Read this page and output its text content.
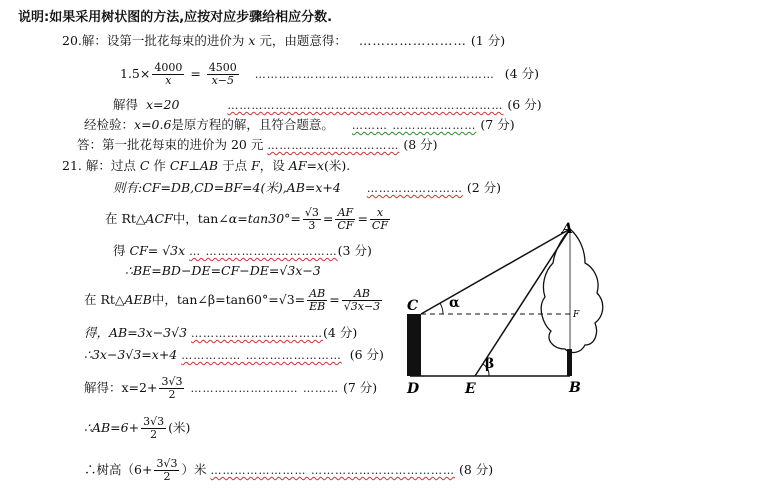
说明:如果采用树状图的方法,应按对应步骤给相应分数.
20.解：设第一批花每束的进价为 x 元，由题意得： …………………… (1 分)
$1.5\times \frac{4000}{x} = \frac{4500}{x-5}$ …………………………………………………… (4 分)
解得 x=20	…………………………………………………………… (6 分)
经检验：x=0.6是原方程的解，且符合题意。 ……… ………………… (7 分)
答：第一批花每束的进价为 20 元 …………………………… (8 分)
21. 解：过点 C 作 CF⊥AB 于点 F，设 AF=x(米).
则有:CF=DB,CD=BF=4(米),AB=x+4 …………………… (2 分)
在 Rt△ACF中，tan∠α=tan30°= $\frac{√3}{3} = \frac{AF}{CF} = \frac{x}{CF}$
得 CF= √3x … ……………………………(3 分)
∴BE=BD−DE=CF−DE=√3x−3
在 Rt△AEB中，tan∠β=tan60°=√3= $\frac{AB}{EB} = \frac{AB}{√3x-3}$
得，AB=3x−3√3 ……………………………(4 分)
∴3x−3√3=x+4 …………… …………………… (6 分)
解得：$x=2+ \frac{3√3}{2}$ ……………………… ……… (7 分)
∴AB=6+ $\frac{3√3}{2}$ (米)
∴树高（$6+ \frac{3√3}{2}$ ）米 …………………… ……………………………… (8 分)
A
B
C
D	E
F
α
β
